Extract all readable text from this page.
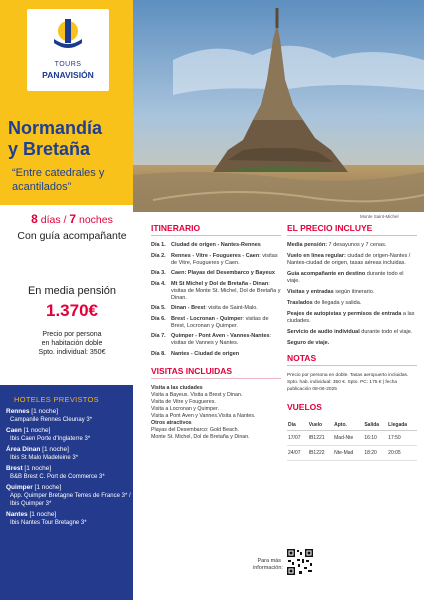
TOURS
PANAVISIÓN
Normandía
y Bretaña
“Entre catedrales y acantilados”
8 días / 7 noches
Con guía acompañante
Salida 17 julio
En media pensión
1.370€
Precio por persona
en habitación doble
Spto. individual: 350€
HOTELES PREVISTOS
Rennes [1 noche]
Campanile Rennes Cleunay 3*
Caen [1 noche]
Ibis Caen Porte d'Inglaterre 3*
Área Dinan [1 noche]
Ibis St Malo Madeleine 3*
Brest [1 noche]
B&B Brest C. Port de Commerce 3*
Quimper [1 noche]
App. Quimper Bretagne Terres de France 3* / Ibis Quimper 3*
Nantes [1 noche]
Ibis Nantes Tour Bretagne 3*
Monte Saint-Michel
ITINERARIO
Día 1. Ciudad de origen - Nantes-Rennes
Día 2. Rennes - Vitre - Fougueres - Caen: visitas de Vitre, Fougueres y Caen.
Día 3. Caen: Playas del Desembarco y Bayeux
Día 4. Mt St Michel y Dol de Bretaña - Dinan: visitas de Monte St. Michel, Dol de Bretaña y Dinan.
Día 5. Dinan - Brest: visita de Saint-Malo.
Día 6. Brest - Locronan - Quimper: visitas de Brest, Locronan y Quimper.
Día 7. Quimper - Pont Aven - Vannes-Nantes: visitas de Vannes y Nantes.
Día 8. Nantes - Ciudad de origen
VISITAS INCLUIDAS

Visita a las ciudades

Visita a Bayeux. Visita a Brest y Dinan.

Visita de Vitre y Fougueres.

Visita a Locronan y Quimper.

Visita a Pont Aven y Vannes.Visita a Nantes.

Otros atractivos

Playas del Desembarco: Gold Beach.

Monte St. Michel, Dol de Bretaña y Dinan.

EL PRECIO INCLUYE
Media pensión: 7 desayunos y 7 cenas.
Vuelo en línea regular: ciudad de origen-Nantes / Nantes-ciudad de origen, tasas aéreas incluidas.
Guía acompañante en destino durante todo el viaje.
Visitas y entradas según itinerario.
Traslados de llegada y salida.
Peajes de autopistas y permisos de entrada a las ciudades.
Servicio de audio individual durante todo el viaje.
Seguro de viaje.
NOTAS
Precio por persona en doble. Tasas aeropuerto incluidas. Spto. hab. individual: 350 €. Spto. PC: 175 € | fecha publicación 08-06-2025
VUELOS
Día	Vuelo	Apto.	Salida	Llegada
17/07	IB1221	Mad-Nte	16:10	17:50
24/07	IB1222	Nte-Mad	18:20	20:05
Para más
información:
